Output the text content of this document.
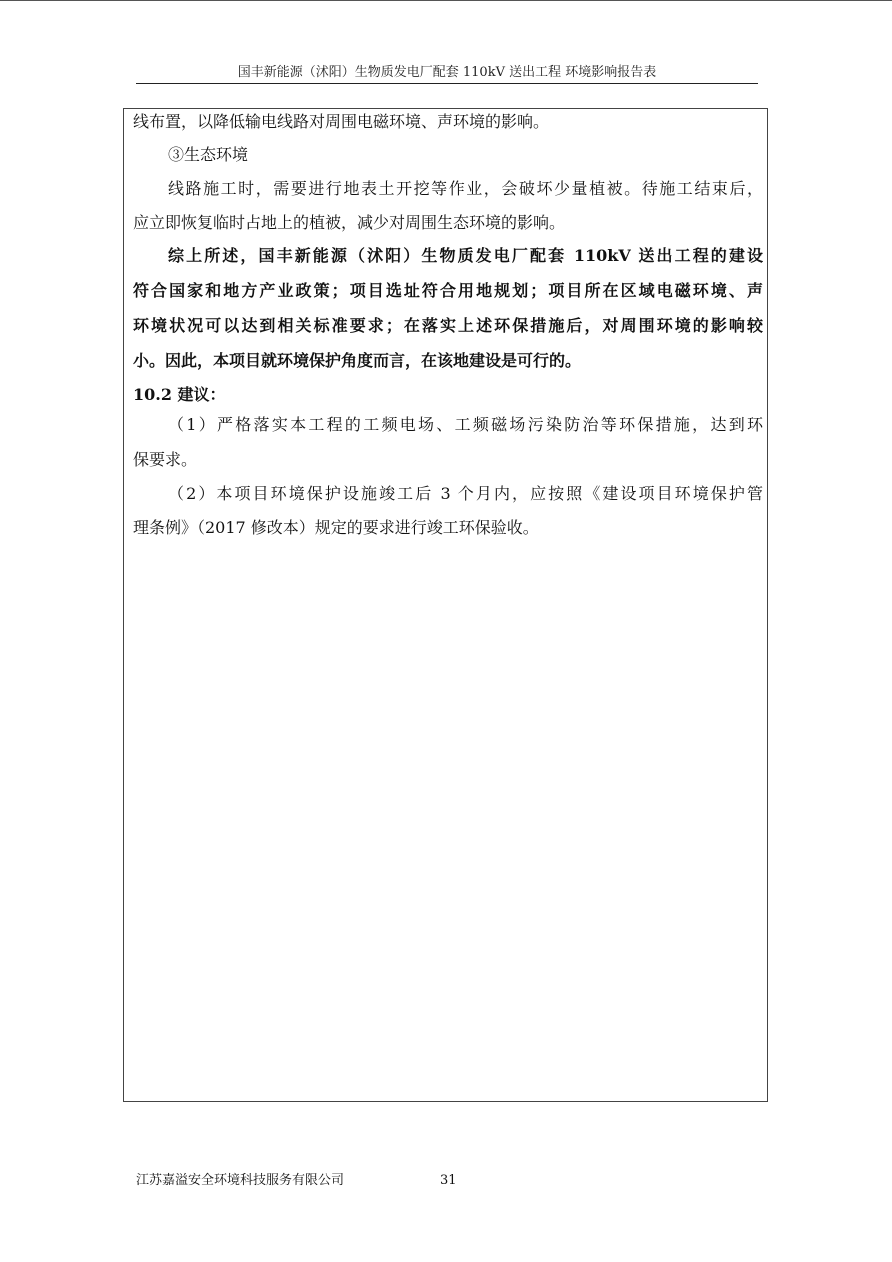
国丰新能源（沭阳）生物质发电厂配套 110kV 送出工程 环境影响报告表
线布置，以降低输电线路对周围电磁环境、声环境的影响。
③生态环境
线路施工时，需要进行地表土开挖等作业，会破坏少量植被。待施工结束后，
应立即恢复临时占地上的植被，减少对周围生态环境的影响。
综上所述，国丰新能源（沭阳）生物质发电厂配套 110kV 送出工程的建设
符合国家和地方产业政策；项目选址符合用地规划；项目所在区域电磁环境、声
环境状况可以达到相关标准要求；在落实上述环保措施后，对周围环境的影响较
小。因此，本项目就环境保护角度而言，在该地建设是可行的。
10.2 建议：
（1）严格落实本工程的工频电场、工频磁场污染防治等环保措施，达到环
保要求。
（2）本项目环境保护设施竣工后 3 个月内，应按照《建设项目环境保护管
理条例》（2017 修改本）规定的要求进行竣工环保验收。
江苏嘉溢安全环境科技服务有限公司	31
